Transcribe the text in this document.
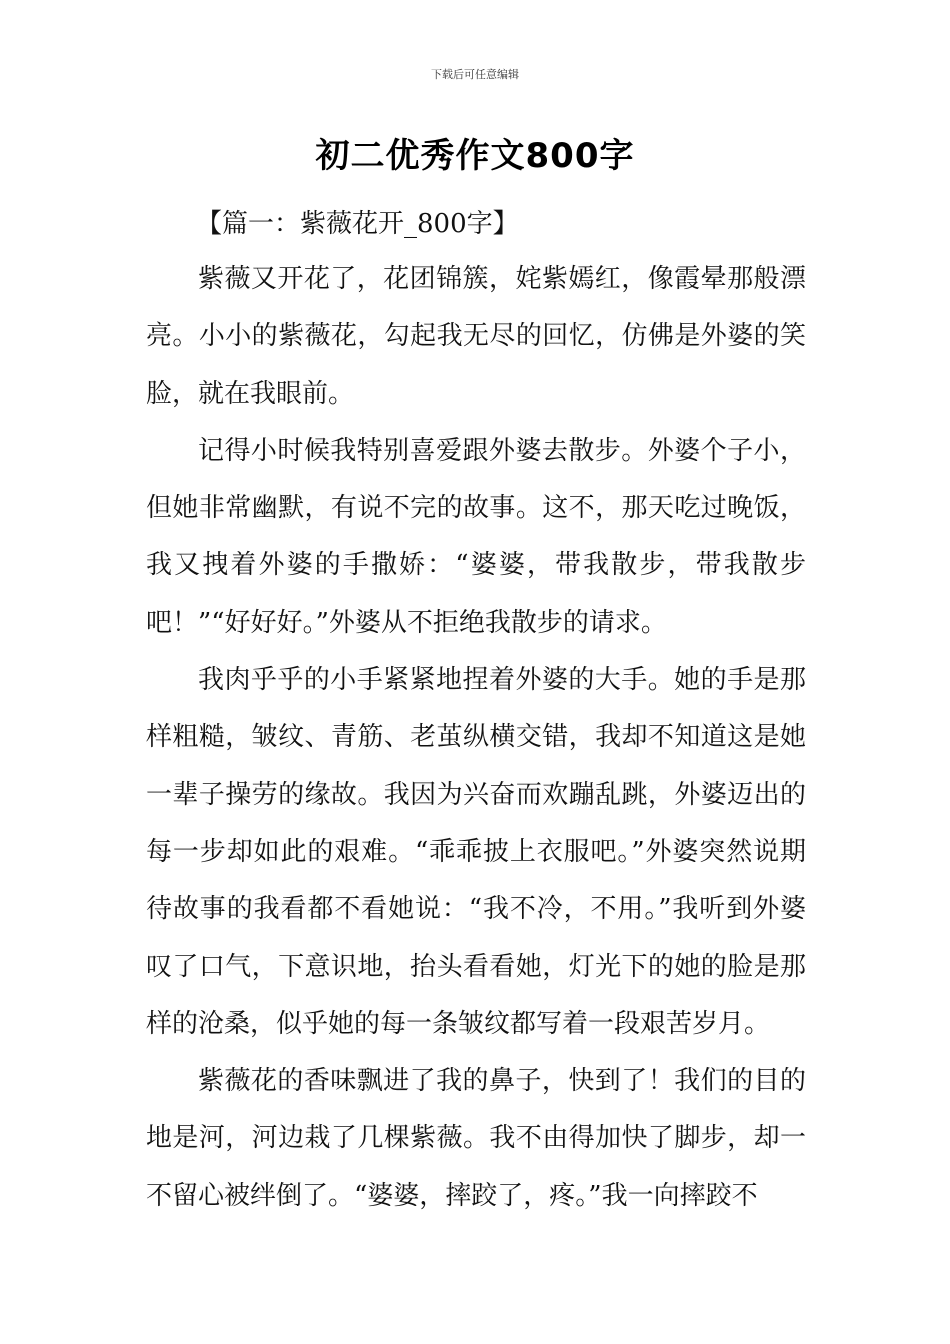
下载后可任意编辑
初二优秀作文800字
【篇一：紫薇花开_800字】

紫薇又开花了，花团锦簇，姹紫嫣红，像霞晕那般漂亮。小小的紫薇花，勾起我无尽的回忆，仿佛是外婆的笑脸，就在我眼前。

记得小时候我特别喜爱跟外婆去散步。外婆个子小，但她非常幽默，有说不完的故事。这不，那天吃过晚饭，我又拽着外婆的手撒娇：“婆婆，带我散步，带我散步吧！”“好好好。”外婆从不拒绝我散步的请求。

我肉乎乎的小手紧紧地捏着外婆的大手。她的手是那样粗糙，皱纹、青筋、老茧纵横交错，我却不知道这是她一辈子操劳的缘故。我因为兴奋而欢蹦乱跳，外婆迈出的每一步却如此的艰难。“乖乖披上衣服吧。”外婆突然说期待故事的我看都不看她说：“我不冷，不用。”我听到外婆叹了口气，下意识地，抬头看看她，灯光下的她的脸是那样的沧桑，似乎她的每一条皱纹都写着一段艰苦岁月。

紫薇花的香味飘进了我的鼻子，快到了！我们的目的地是河，河边栽了几棵紫薇。我不由得加快了脚步，却一不留心被绊倒了。“婆婆，摔跤了，疼。”我一向摔跤不
